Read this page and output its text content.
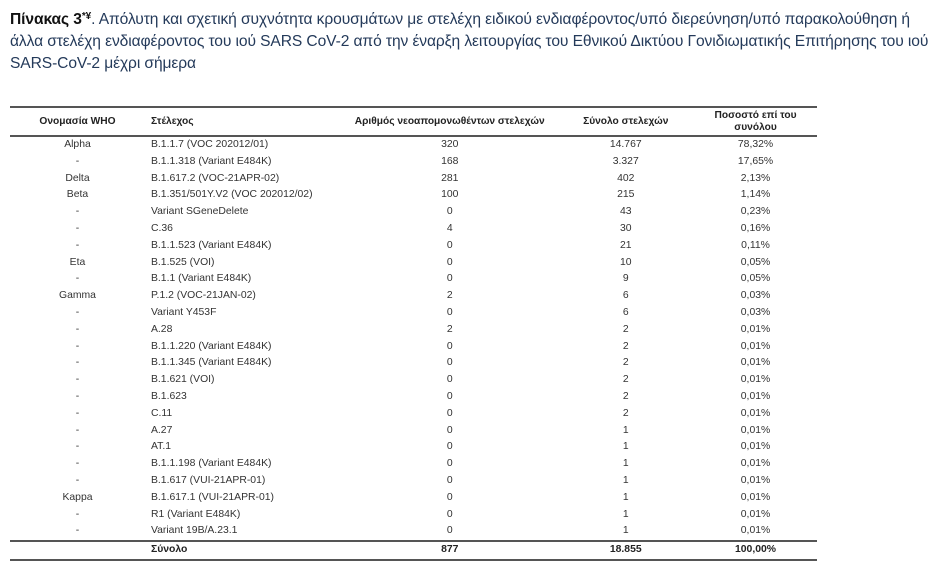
Πίνακας 3*¥. Απόλυτη και σχετική συχνότητα κρουσμάτων με στελέχη ειδικού ενδιαφέροντος/υπό διερεύνηση/υπό παρακολούθηση ή άλλα στελέχη ενδιαφέροντος του ιού SARS CoV-2 από την έναρξη λειτουργίας του Εθνικού Δικτύου Γονιδιωματικής Επιτήρησης του ιού SARS-CoV-2 μέχρι σήμερα
Ονομασία WHO	Στέλεχος	Αριθμός νεοαπομονωθέντων στελεχών	Σύνολο στελεχών	Ποσοστό επί του συνόλου
Alpha	B.1.1.7 (VOC 202012/01)	320	14.767	78,32%
-	B.1.1.318 (Variant E484K)	168	3.327	17,65%
Delta	B.1.617.2 (VOC-21APR-02)	281	402	2,13%
Beta	B.1.351/501Y.V2 (VOC 202012/02)	100	215	1,14%
-	Variant SGeneDelete	0	43	0,23%
-	C.36	4	30	0,16%
-	B.1.1.523 (Variant E484K)	0	21	0,11%
Eta	B.1.525 (VOI)	0	10	0,05%
-	B.1.1 (Variant E484K)	0	9	0,05%
Gamma	P.1.2 (VOC-21JAN-02)	2	6	0,03%
-	Variant Y453F	0	6	0,03%
-	A.28	2	2	0,01%
-	B.1.1.220 (Variant E484K)	0	2	0,01%
-	B.1.1.345 (Variant E484K)	0	2	0,01%
-	B.1.621 (VOI)	0	2	0,01%
-	B.1.623	0	2	0,01%
-	C.11	0	2	0,01%
-	A.27	0	1	0,01%
-	AT.1	0	1	0,01%
-	B.1.1.198 (Variant E484K)	0	1	0,01%
-	B.1.617 (VUI-21APR-01)	0	1	0,01%
Kappa	B.1.617.1 (VUI-21APR-01)	0	1	0,01%
-	R1 (Variant E484K)	0	1	0,01%
-	Variant 19B/A.23.1	0	1	0,01%
	Σύνολο	877	18.855	100,00%
